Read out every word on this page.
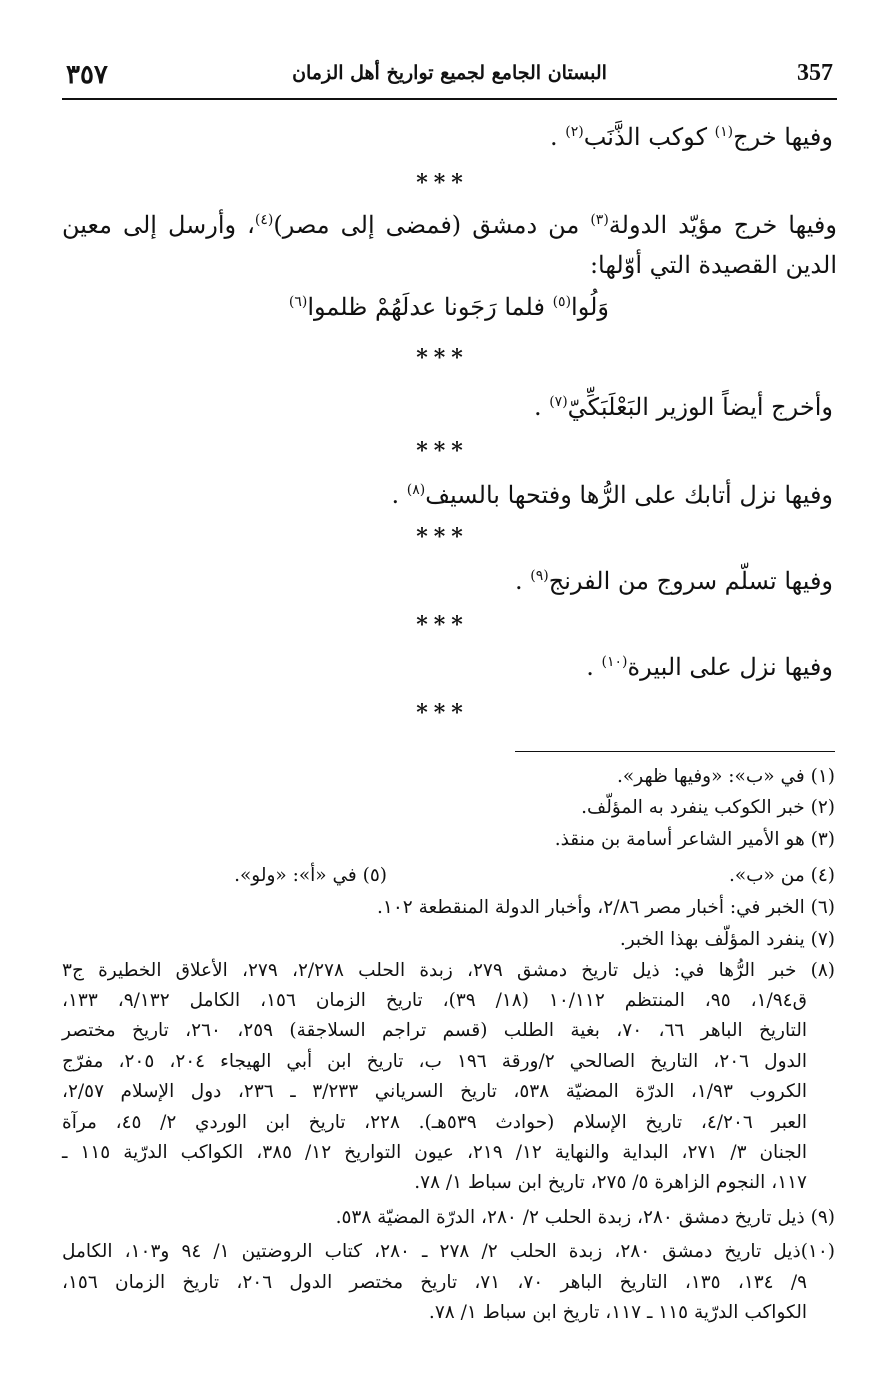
٣٥٧	البستان الجامع لجميع تواريخ أهل الزمان	357
وفيها خرج$^{(١)}$ كوكب الذَّنَب$^{(٢)}$ .
وفيها خرج مؤيّد الدولة$^{(٣)}$ من دمشق (فمضى إلى مصر)$^{(٤)}$، وأرسل إلى معين
الدين القصيدة التي أوّلها:
وَلُوا$^{(٥)}$ فلما رَجَونا عدلَهُمْ ظلموا$^{(٦)}$
وأخرج أيضاً الوزير البَعْلَبَكِّيّ$^{(٧)}$ .
وفيها نزل أتابك على الرُّها وفتحها بالسيف$^{(٨)}$ .
وفيها تسلّم سروج من الفرنج$^{(٩)}$ .
وفيها نزل على البيرة$^{(١٠)}$ .
***
***
***
***
***
***
(١) في «ب»: «وفيها ظهر».
(٢) خبر الكوكب ينفرد به المؤلّف.
(٣) هو الأمير الشاعر أسامة بن منقذ.
(٤) من «ب».
(٥) في «أ»: «ولو».
(٦) الخبر في: أخبار مصر ٢/٨٦، وأخبار الدولة المنقطعة ١٠٢.
(٧) ينفرد المؤلّف بهذا الخبر.
(٨) خبر الرُّها في: ذيل تاريخ دمشق ٢٧٩، زبدة الحلب ٢/٢٧٨، ٢٧٩، الأعلاق الخطيرة ج٣
ق١/٩٤، ٩٥، المنتظم ١٠/١١٢ (١٨/ ٣٩)، تاريخ الزمان ١٥٦، الكامل ٩/١٣٢، ١٣٣،
التاريخ الباهر ٦٦، ٧٠، بغية الطلب (قسم تراجم السلاجقة) ٢٥٩، ٢٦٠، تاريخ مختصر
الدول ٢٠٦، التاريخ الصالحي ٢/ورقة ١٩٦ ب، تاريخ ابن أبي الهيجاء ٢٠٤، ٢٠٥، مفرّج
الكروب ١/٩٣، الدرّة المضيّة ٥٣٨، تاريخ السرياني ٣/٢٣٣ ـ ٢٣٦، دول الإسلام ٢/٥٧،
العبر ٤/٢٠٦، تاريخ الإسلام (حوادث ٥٣٩هـ). ٢٢٨، تاريخ ابن الوردي ٢/ ٤٥، مرآة
الجنان ٣/ ٢٧١، البداية والنهاية ١٢/ ٢١٩، عيون التواريخ ١٢/ ٣٨٥، الكواكب الدرّية ١١٥ ـ
١١٧، النجوم الزاهرة ٥/ ٢٧٥، تاريخ ابن سباط ١/ ٧٨.
(٩) ذيل تاريخ دمشق ٢٨٠، زبدة الحلب ٢/ ٢٨٠، الدرّة المضيّة ٥٣٨.
(١٠)ذيل تاريخ دمشق ٢٨٠، زبدة الحلب ٢/ ٢٧٨ ـ ٢٨٠، كتاب الروضتين ١/ ٩٤ و١٠٣، الكامل
٩/ ١٣٤، ١٣٥، التاريخ الباهر ٧٠، ٧١، تاريخ مختصر الدول ٢٠٦، تاريخ الزمان ١٥٦،
الكواكب الدرّية ١١٥ ـ ١١٧، تاريخ ابن سباط ١/ ٧٨.
